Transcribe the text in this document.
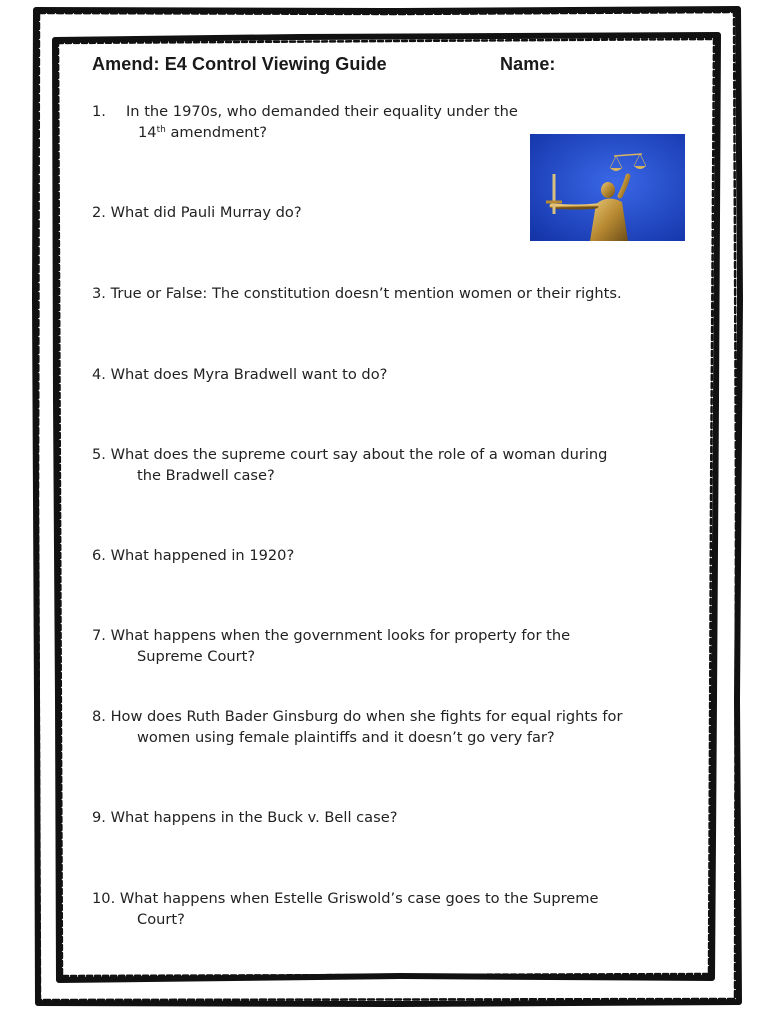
Amend: E4 Control Viewing Guide	Name:
1. In the 1970s, who demanded their equality under the
14th amendment?
2. What did Pauli Murray do?
3. True or False: The constitution doesn’t mention women or their rights.
4. What does Myra Bradwell want to do?
5. What does the supreme court say about the role of a woman during
the Bradwell case?
6. What happened in 1920?
7. What happens when the government looks for property for the
Supreme Court?
8. How does Ruth Bader Ginsburg do when she fights for equal rights for
women using female plaintiffs and it doesn’t go very far?
9. What happens in the Buck v. Bell case?
10. What happens when Estelle Griswold’s case goes to the Supreme
Court?
